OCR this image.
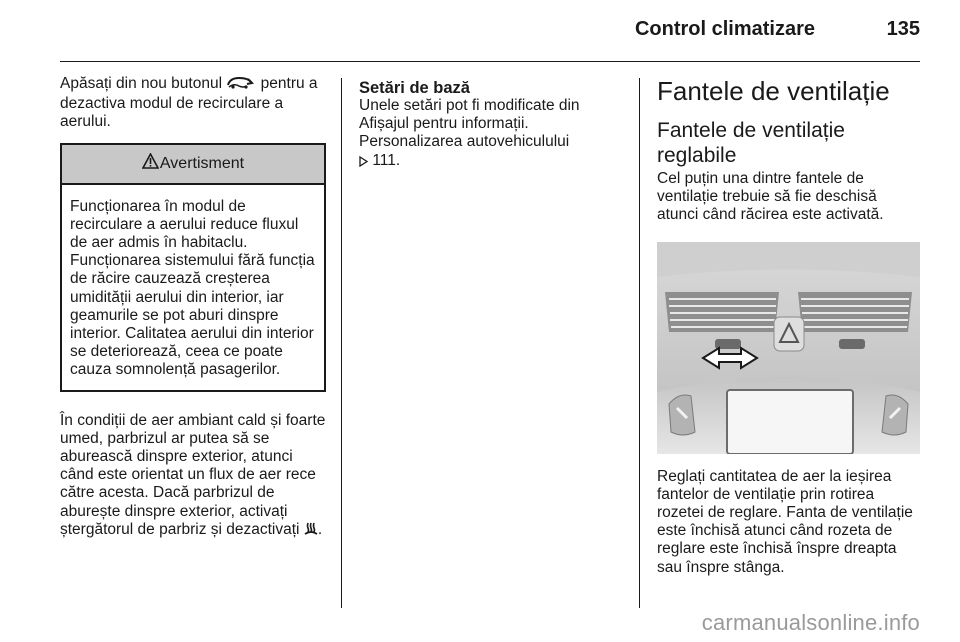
Control climatizare	135

Apăsați din nou butonul  pentru a dezactiva modul de recirculare a aerului.

Avertisment

Funcționarea în modul de recirculare a aerului reduce fluxul de aer admis în habitaclu. Funcționarea sistemului fără funcția de răcire cauzează creșterea umidității aerului din interior, iar geamurile se pot aburi dinspre interior. Calitatea aerului din interior se deteriorează, ceea ce poate cauza somnolență pasagerilor.

În condiții de aer ambiant cald și foarte umed, parbrizul ar putea să se aburească dinspre exterior, atunci când este orientat un flux de aer rece către acesta. Dacă parbrizul de aburește dinspre exterior, activați ștergătorul de parbriz și dezactivați .

Setări de bază

Unele setări pot fi modificate din Afișajul pentru informații. Personalizarea autovehiculului
111.

Fantele de ventilație
Fantele de ventilație reglabile

Cel puțin una dintre fantele de ventilație trebuie să fie deschisă atunci când răcirea este activată.

Reglați cantitatea de aer la ieșirea fantelor de ventilație prin rotirea rozetei de reglare. Fanta de ventilație este închisă atunci când rozeta de reglare este închisă înspre dreapta sau înspre stânga.

carmanualsonline.info
